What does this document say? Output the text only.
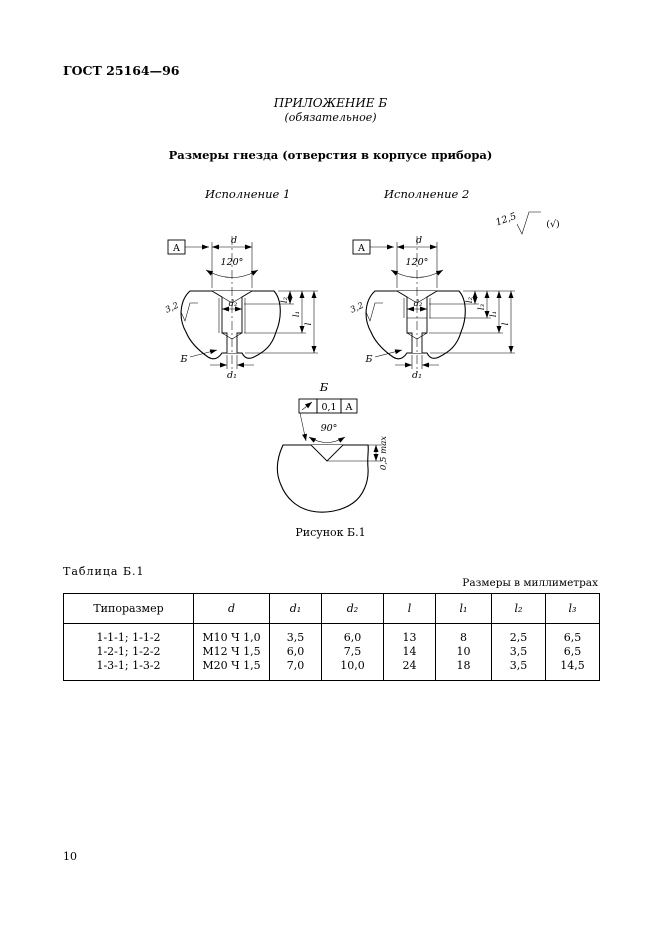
ГОСТ 25164—96
ПРИЛОЖЕНИЕ Б
(обязательное)
Размеры гнезда (отверстия в корпусе прибора)
Исполнение 1	Исполнение 2
d
А
120°
d₂
d₁
l₂
l₁
l
3,2
Б
d
А
120°
12,5	(√)
d₂
d₁
l₂
l₃
l₁
l
3,2
Б
Б
0,1 А
90°
0,5 max
Рисунок Б.1
Таблица Б.1
Размеры в миллиметрах
Типоразмер	d	d₁	d₂	l	l₁	l₂	l₃
1-1-1; 1-1-2	М10 Ч 1,0	3,5	6,0	13	8	2,5	6,5
1-2-1; 1-2-2	М12 Ч 1,5	6,0	7,5	14	10	3,5	6,5
1-3-1; 1-3-2	М20 Ч 1,5	7,0	10,0	24	18	3,5	14,5
10
